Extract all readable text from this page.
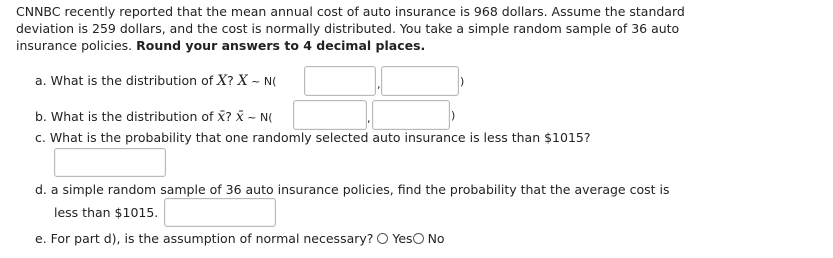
CNNBC recently reported that the mean annual cost of auto insurance is 968 dollars. Assume the standard
deviation is 259 dollars, and the cost is normally distributed. You take a simple random sample of 36 auto
insurance policies. Round your answers to 4 decimal places.
a. What is the distribution of X? X ~ N(	,	)
b. What is the distribution of x̄? x̄ ~ N(	,	)
c. What is the probability that one randomly selected auto insurance is less than $1015?
d. a simple random sample of 36 auto insurance policies, find the probability that the average cost is
less than $1015.
e. For part d), is the assumption of normal necessary? Yes No
